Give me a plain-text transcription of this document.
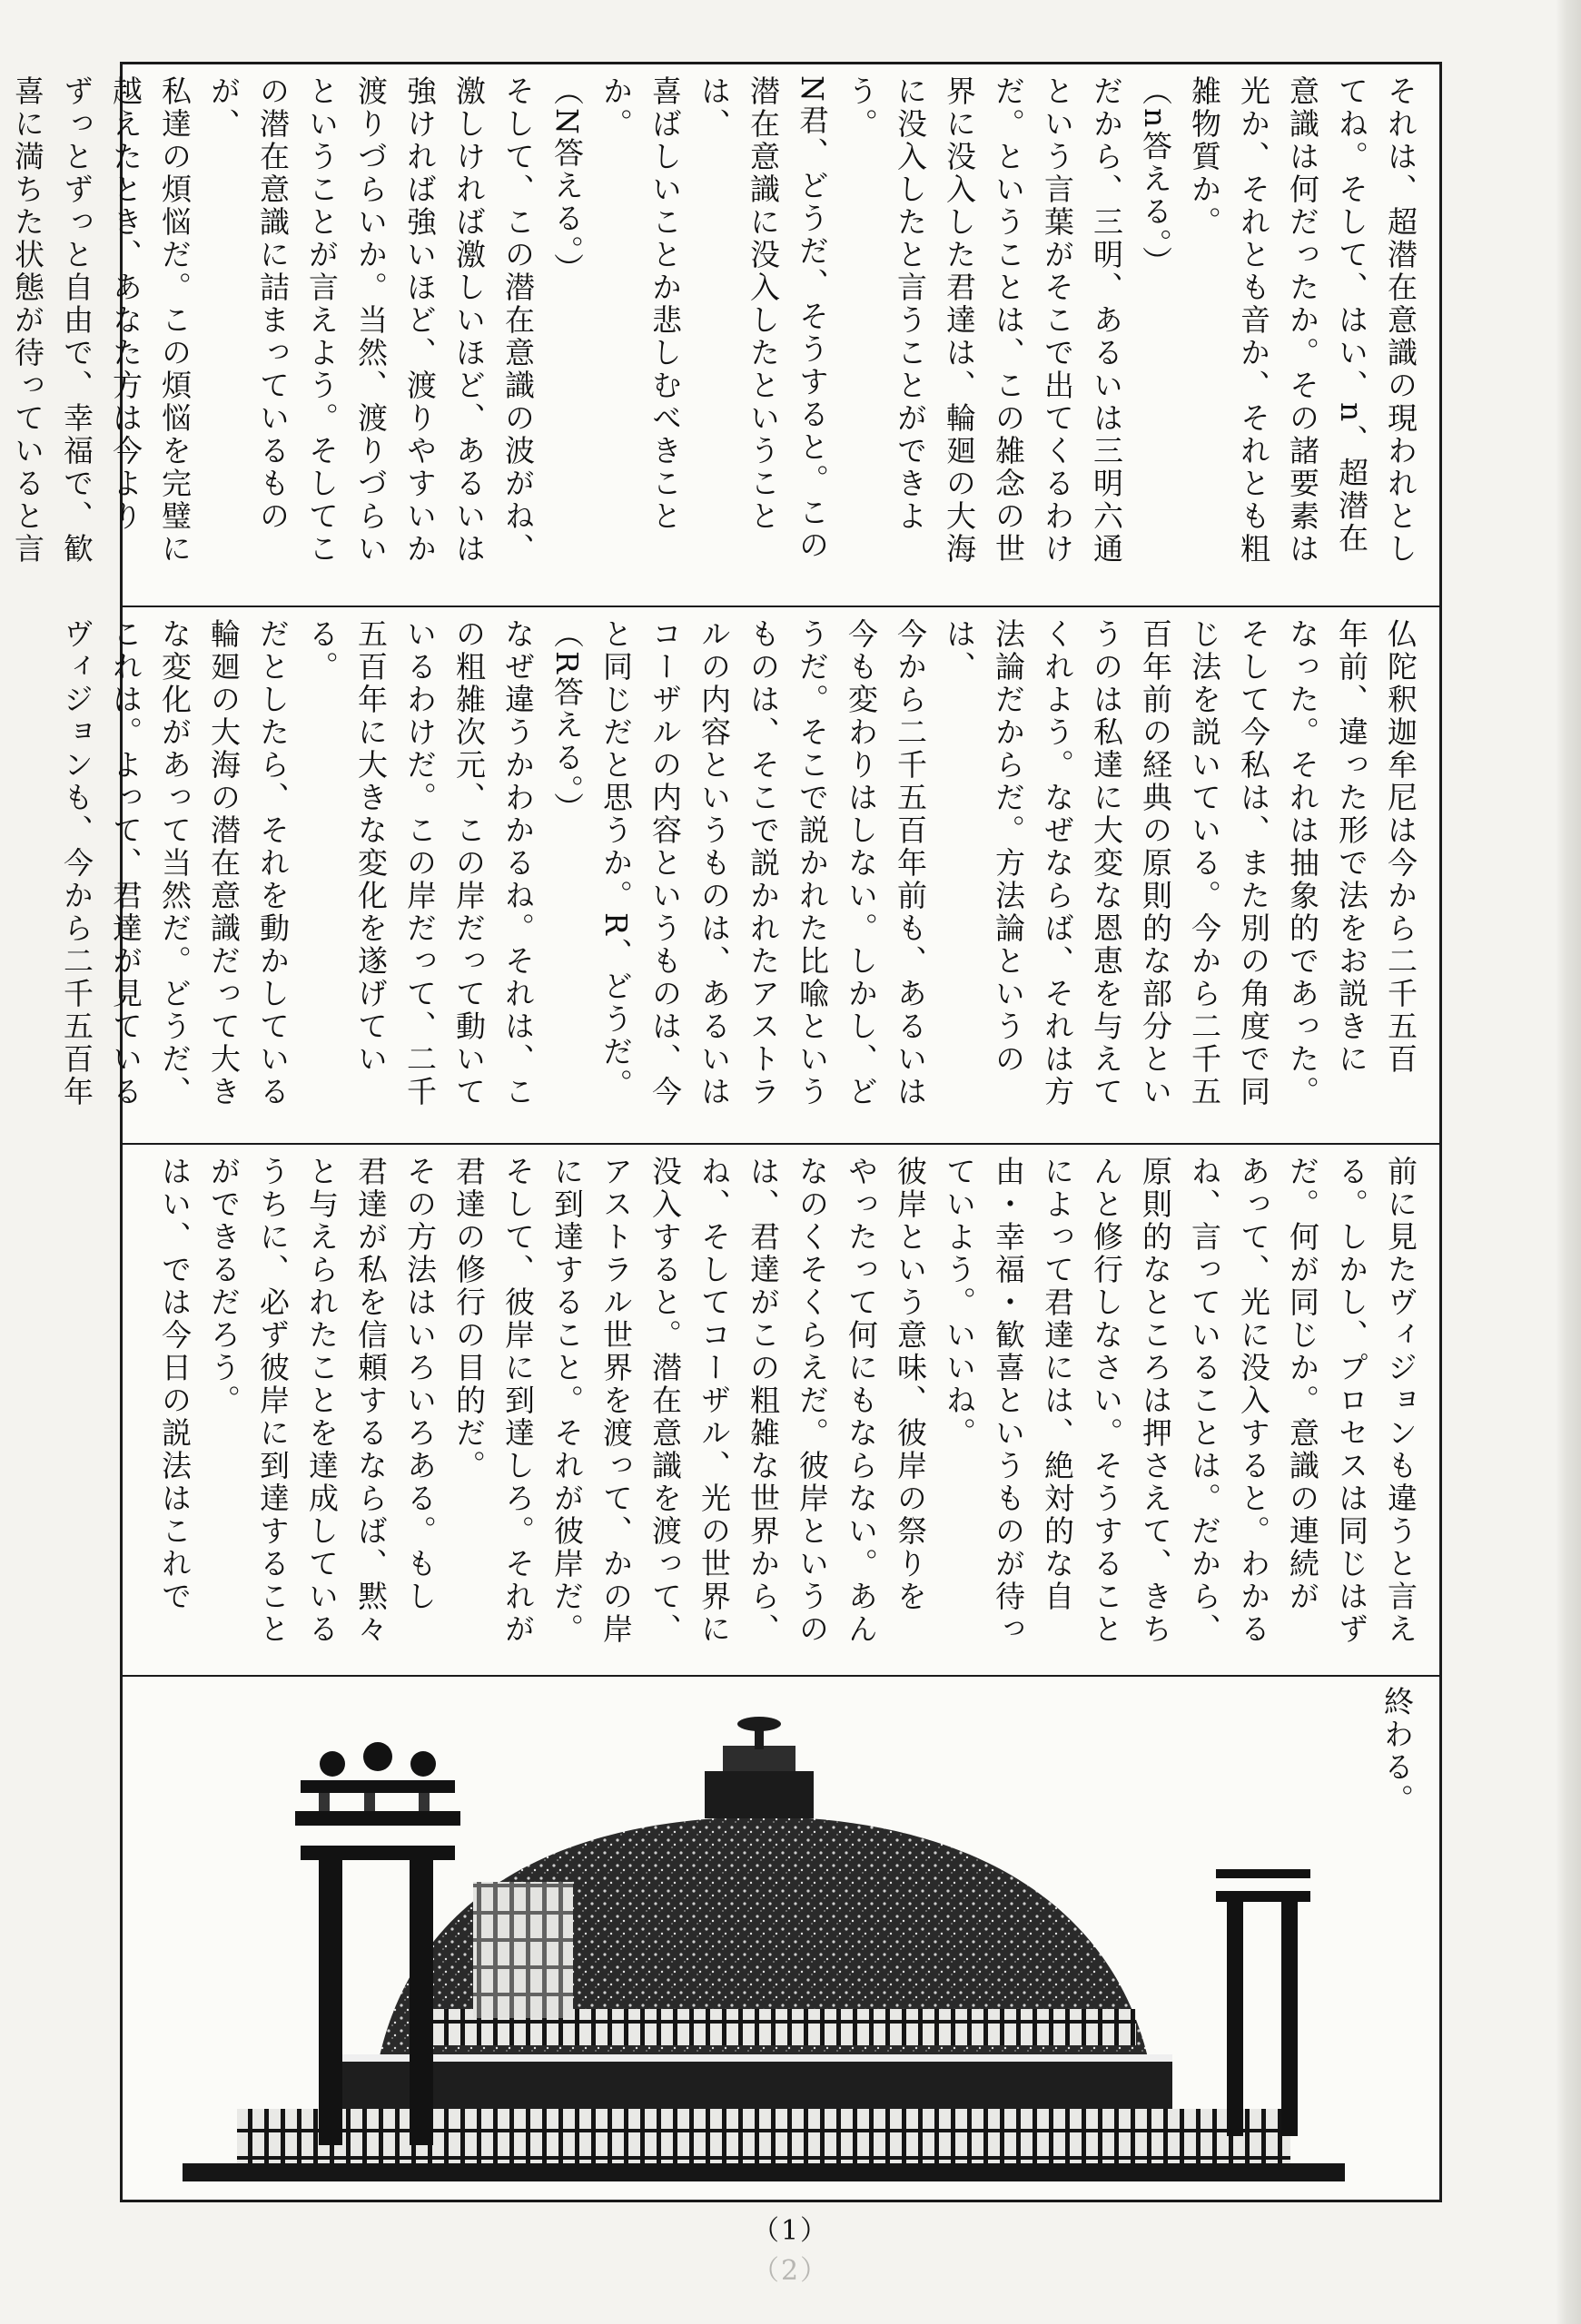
それは、超潜在意識の現われとしてね。そして、はい、n、超潜在
意識は何だったか。その諸要素は
光か、それとも音か、それとも粗
雑物質か。
（n答える。）
だから、三明、あるいは三明六通
という言葉がそこで出てくるわけ
だ。ということは、この雑念の世
界に没入した君達は、輪廻の大海
に没入したと言うことができよう。
N君、どうだ、そうすると。この
潜在意識に没入したということは、
喜ばしいことか悲しむべきことか。
（N答える。）
そして、この潜在意識の波がね、
激しければ激しいほど、あるいは
強ければ強いほど、渡りやすいか
渡りづらいか。当然、渡りづらい
ということが言えよう。そしてこ
の潜在意識に詰まっているものが、
私達の煩悩だ。この煩悩を完璧に
越えたとき、あなた方は今より
ずっとずっと自由で、幸福で、歓
喜に満ちた状態が待っていると言

仏陀釈迦牟尼は今から二千五百
年前、違った形で法をお説きに
なった。それは抽象的であった。
そして今私は、また別の角度で同
じ法を説いている。今から二千五
百年前の経典の原則的な部分とい
うのは私達に大変な恩恵を与えて
くれよう。なぜならば、それは方
法論だからだ。方法論というのは、
今から二千五百年前も、あるいは
今も変わりはしない。しかし、ど
うだ。そこで説かれた比喩という
ものは、そこで説かれたアストラ
ルの内容というものは、あるいは
コーザルの内容というものは、今
と同じだと思うか。R、どうだ。
（R答える。）
なぜ違うかわかるね。それは、こ
の粗雑次元、この岸だって動いて
いるわけだ。この岸だって、二千
五百年に大きな変化を遂げている。
だとしたら、それを動かしている
輪廻の大海の潜在意識だって大き
な変化があって当然だ。どうだ、
これは。よって、君達が見ている
ヴィジョンも、今から二千五百年
前に見たヴィジョンも違うと言え
る。しかし、プロセスは同じはず
だ。何が同じか。意識の連続が
あって、光に没入すると。わかる
ね、言っていることは。だから、
原則的なところは押さえて、きち
んと修行しなさい。そうすること
によって君達には、絶対的な自
由・幸福・歓喜というものが待っ
ていよう。いいね。
彼岸という意味、彼岸の祭りを
やったって何にもならない。あん
なのくそくらえだ。彼岸というの
は、君達がこの粗雑な世界から、
ね、そしてコーザル、光の世界に
没入すると。潜在意識を渡って、
アストラル世界を渡って、かの岸
に到達すること。それが彼岸だ。
そして、彼岸に到達しろ。それが
君達の修行の目的だ。
その方法はいろいろある。もし
君達が私を信頼するならば、黙々
と与えられたことを達成している
うちに、必ず彼岸に到達すること
ができるだろう。
はい、では今日の説法はこれで
終わる。
（1）
（2）
